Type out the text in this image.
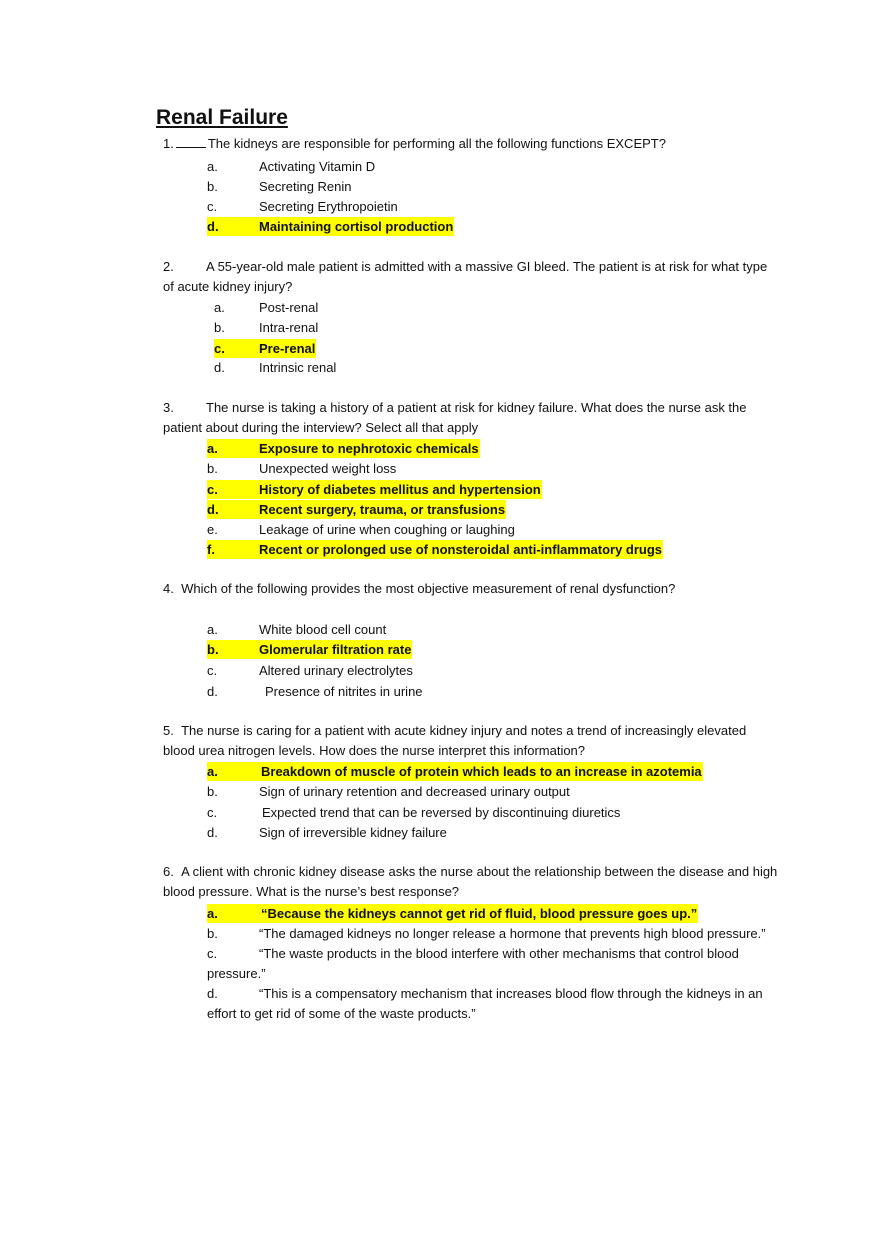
Renal Failure
1.	The kidneys are responsible for performing all the following functions EXCEPT?
a.	Activating Vitamin D
b.	Secreting Renin
c.	Secreting Erythropoietin
d.	Maintaining cortisol production
2. A 55-year-old male patient is admitted with a massive GI bleed. The patient is at risk for what type of acute kidney injury?
a.	Post-renal
b.	Intra-renal
c.	Pre-renal
d.	Intrinsic renal
3. The nurse is taking a history of a patient at risk for kidney failure. What does the nurse ask the patient about during the interview? Select all that apply
a.	Exposure to nephrotoxic chemicals
b.	Unexpected weight loss
c.	History of diabetes mellitus and hypertension
d.	Recent surgery, trauma, or transfusions
e.	Leakage of urine when coughing or laughing
f.	Recent or prolonged use of nonsteroidal anti-inflammatory drugs
4. Which of the following provides the most objective measurement of renal dysfunction?
a.	White blood cell count
b.	Glomerular filtration rate
c.	Altered urinary electrolytes
d.	Presence of nitrites in urine
5. The nurse is caring for a patient with acute kidney injury and notes a trend of increasingly elevated blood urea nitrogen levels. How does the nurse interpret this information?
a.	Breakdown of muscle of protein which leads to an increase in azotemia
b.	Sign of urinary retention and decreased urinary output
c.	Expected trend that can be reversed by discontinuing diuretics
d.	Sign of irreversible kidney failure
6. A client with chronic kidney disease asks the nurse about the relationship between the disease and high blood pressure. What is the nurse’s best response?
a.	“Because the kidneys cannot get rid of fluid, blood pressure goes up.”
b.	“The damaged kidneys no longer release a hormone that prevents high blood pressure.”
c.	“The waste products in the blood interfere with other mechanisms that control blood
pressure.”
d.	“This is a compensatory mechanism that increases blood flow through the kidneys in an
effort to get rid of some of the waste products.”
